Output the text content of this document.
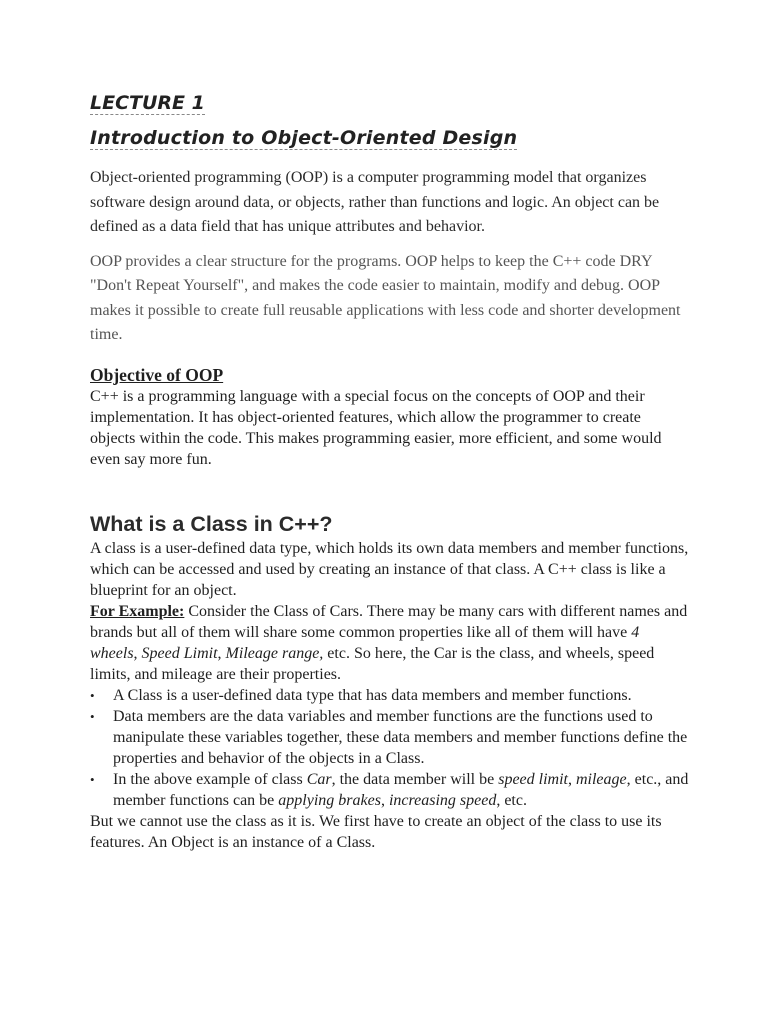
LECTURE 1
Introduction to Object-Oriented Design

Object-oriented programming (OOP) is a computer programming model that organizes software design around data, or objects, rather than functions and logic. An object can be defined as a data field that has unique attributes and behavior.

OOP provides a clear structure for the programs. OOP helps to keep the C++ code DRY "Don't Repeat Yourself", and makes the code easier to maintain, modify and debug. OOP makes it possible to create full reusable applications with less code and shorter development time.

Objective of OOP

C++ is a programming language with a special focus on the concepts of OOP and their implementation. It has object-oriented features, which allow the programmer to create objects within the code. This makes programming easier, more efficient, and some would even say more fun.

What is a Class in C++?

A class is a user-defined data type, which holds its own data members and member functions, which can be accessed and used by creating an instance of that class. A C++ class is like a blueprint for an object.

For Example: Consider the Class of Cars. There may be many cars with different names and brands but all of them will share some common properties like all of them will have 4 wheels, Speed Limit, Mileage range, etc. So here, the Car is the class, and wheels, speed limits, and mileage are their properties.

• A Class is a user-defined data type that has data members and member functions.
• Data members are the data variables and member functions are the functions used to manipulate these variables together, these data members and member functions define the properties and behavior of the objects in a Class.
• In the above example of class Car, the data member will be speed limit, mileage, etc., and member functions can be applying brakes, increasing speed, etc.

But we cannot use the class as it is. We first have to create an object of the class to use its features. An Object is an instance of a Class.
